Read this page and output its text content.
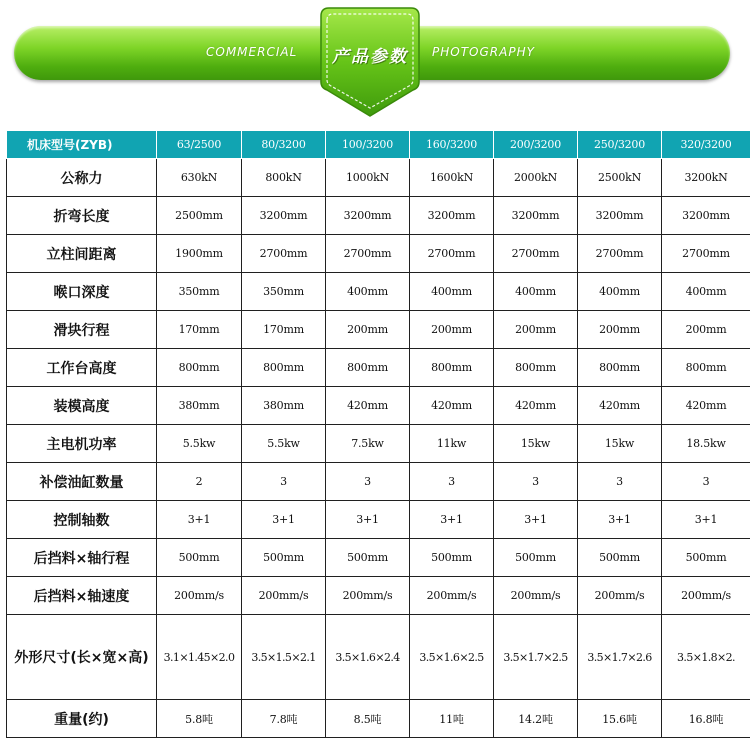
COMMERCIAL	PHOTOGRAPHY
产品参数
机床型号(ZYB)	63/2500	80/3200	100/3200	160/3200	200/3200	250/3200	320/3200
公称力	630kN	800kN	1000kN	1600kN	2000kN	2500kN	3200kN
折弯长度	2500mm	3200mm	3200mm	3200mm	3200mm	3200mm	3200mm
立柱间距离	1900mm	2700mm	2700mm	2700mm	2700mm	2700mm	2700mm
喉口深度	350mm	350mm	400mm	400mm	400mm	400mm	400mm
滑块行程	170mm	170mm	200mm	200mm	200mm	200mm	200mm
工作台高度	800mm	800mm	800mm	800mm	800mm	800mm	800mm
装模高度	380mm	380mm	420mm	420mm	420mm	420mm	420mm
主电机功率	5.5kw	5.5kw	7.5kw	11kw	15kw	15kw	18.5kw
补偿油缸数量	2	3	3	3	3	3	3
控制轴数	3+1	3+1	3+1	3+1	3+1	3+1	3+1
后挡料×轴行程	500mm	500mm	500mm	500mm	500mm	500mm	500mm
后挡料×轴速度	200mm/s	200mm/s	200mm/s	200mm/s	200mm/s	200mm/s	200mm/s
外形尺寸(长×宽×高)	3.1×1.45×2.0	3.5×1.5×2.1	3.5×1.6×2.4	3.5×1.6×2.5	3.5×1.7×2.5	3.5×1.7×2.6	3.5×1.8×2.
重量(约)	5.8吨	7.8吨	8.5吨	11吨	14.2吨	15.6吨	16.8吨
